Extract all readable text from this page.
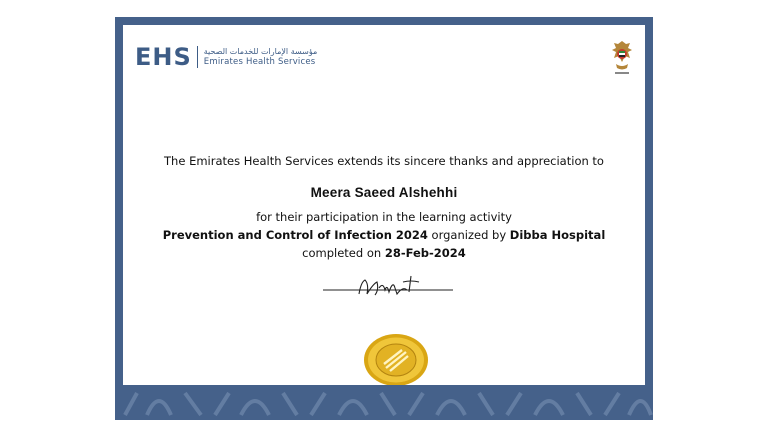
EHS مؤسسة الإمارات للخدمات الصحية
Emirates Health Services
The Emirates Health Services extends its sincere thanks and appreciation to
Meera Saeed Alshehhi
for their participation in the learning activity
Prevention and Control of Infection 2024 organized by Dibba Hospital
completed on 28-Feb-2024
